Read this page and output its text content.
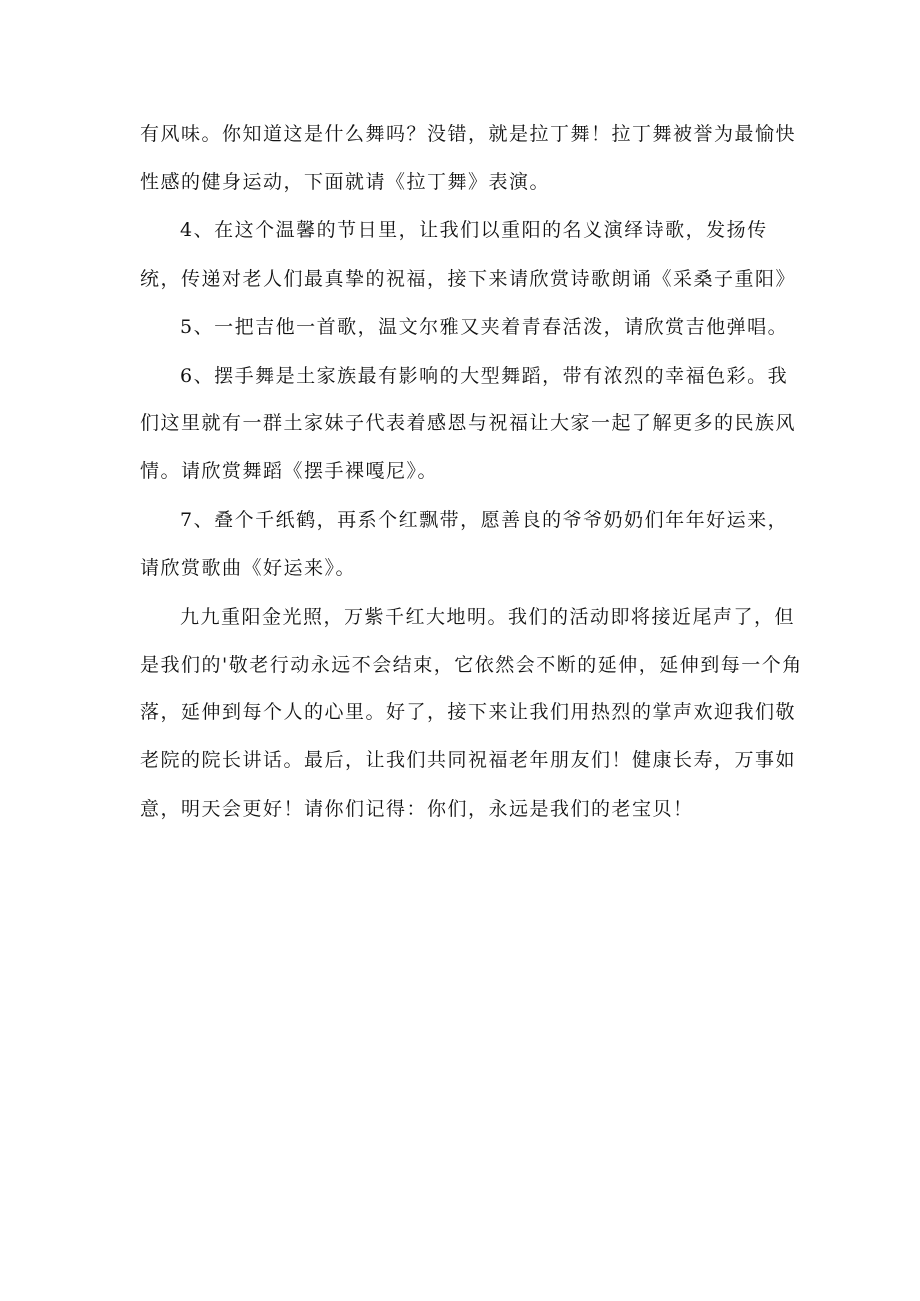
有风味。你知道这是什么舞吗？没错，就是拉丁舞！拉丁舞被誉为最愉快

性感的健身运动，下面就请《拉丁舞》表演。

4、在这个温馨的节日里，让我们以重阳的名义演绎诗歌，发扬传

统，传递对老人们最真挚的祝福，接下来请欣赏诗歌朗诵《采桑子重阳》

5、一把吉他一首歌，温文尔雅又夹着青春活泼，请欣赏吉他弹唱。

6、摆手舞是土家族最有影响的大型舞蹈，带有浓烈的幸福色彩。我

们这里就有一群土家妹子代表着感恩与祝福让大家一起了解更多的民族风

情。请欣赏舞蹈《摆手裸嘎尼》。

7、叠个千纸鹤，再系个红飘带，愿善良的爷爷奶奶们年年好运来，

请欣赏歌曲《好运来》。

九九重阳金光照，万紫千红大地明。我们的活动即将接近尾声了，但

是我们的'敬老行动永远不会结束，它依然会不断的延伸，延伸到每一个角

落，延伸到每个人的心里。好了，接下来让我们用热烈的掌声欢迎我们敬

老院的院长讲话。最后，让我们共同祝福老年朋友们！健康长寿，万事如

意，明天会更好！请你们记得：你们，永远是我们的老宝贝！
